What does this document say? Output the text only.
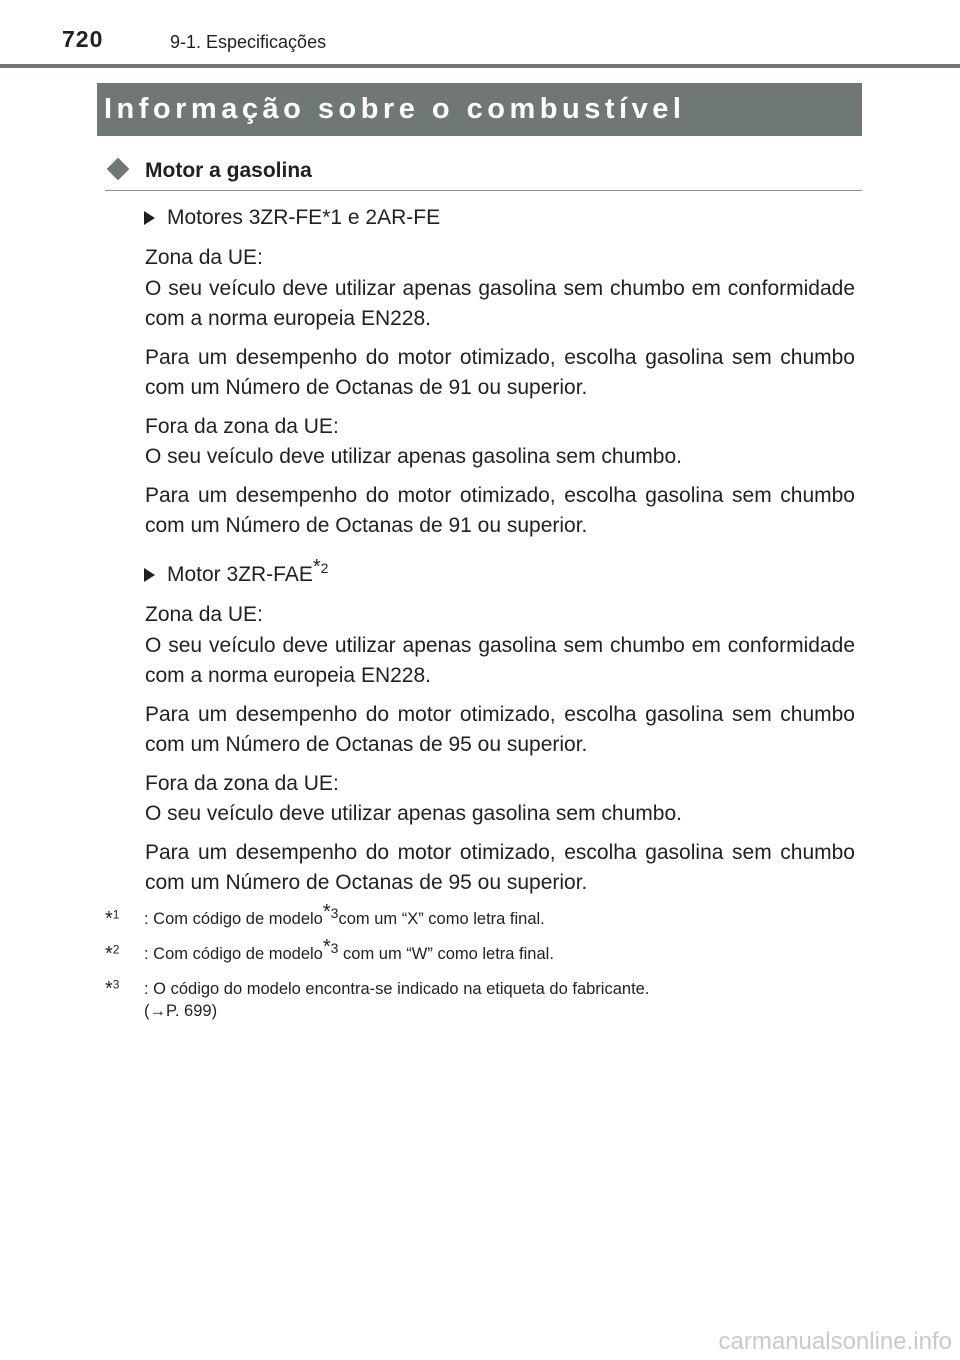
720	9-1. Especificações
Informação sobre o combustível
Motor a gasolina
Motores 3ZR-FE*1 e 2AR-FE
Zona da UE:
O seu veículo deve utilizar apenas gasolina sem chumbo em conformidade com a norma europeia EN228.
Para um desempenho do motor otimizado, escolha gasolina sem chumbo com um Número de Octanas de 91 ou superior.
Fora da zona da UE:
O seu veículo deve utilizar apenas gasolina sem chumbo.
Para um desempenho do motor otimizado, escolha gasolina sem chumbo com um Número de Octanas de 91 ou superior.
Motor 3ZR-FAE$^{*2}$
Zona da UE:
O seu veículo deve utilizar apenas gasolina sem chumbo em conformidade com a norma europeia EN228.
Para um desempenho do motor otimizado, escolha gasolina sem chumbo com um Número de Octanas de 95 ou superior.
Fora da zona da UE:
O seu veículo deve utilizar apenas gasolina sem chumbo.
Para um desempenho do motor otimizado, escolha gasolina sem chumbo com um Número de Octanas de 95 ou superior.
*$^1$ : Com código de modelo$^{*3}$com um “X” como letra final.
*$^2$ : Com código de modelo$^{*3}$ com um “W” como letra final.
*$^3$ : O código do modelo encontra-se indicado na etiqueta do fabricante.
(→P. 699)
carmanualsonline.info
